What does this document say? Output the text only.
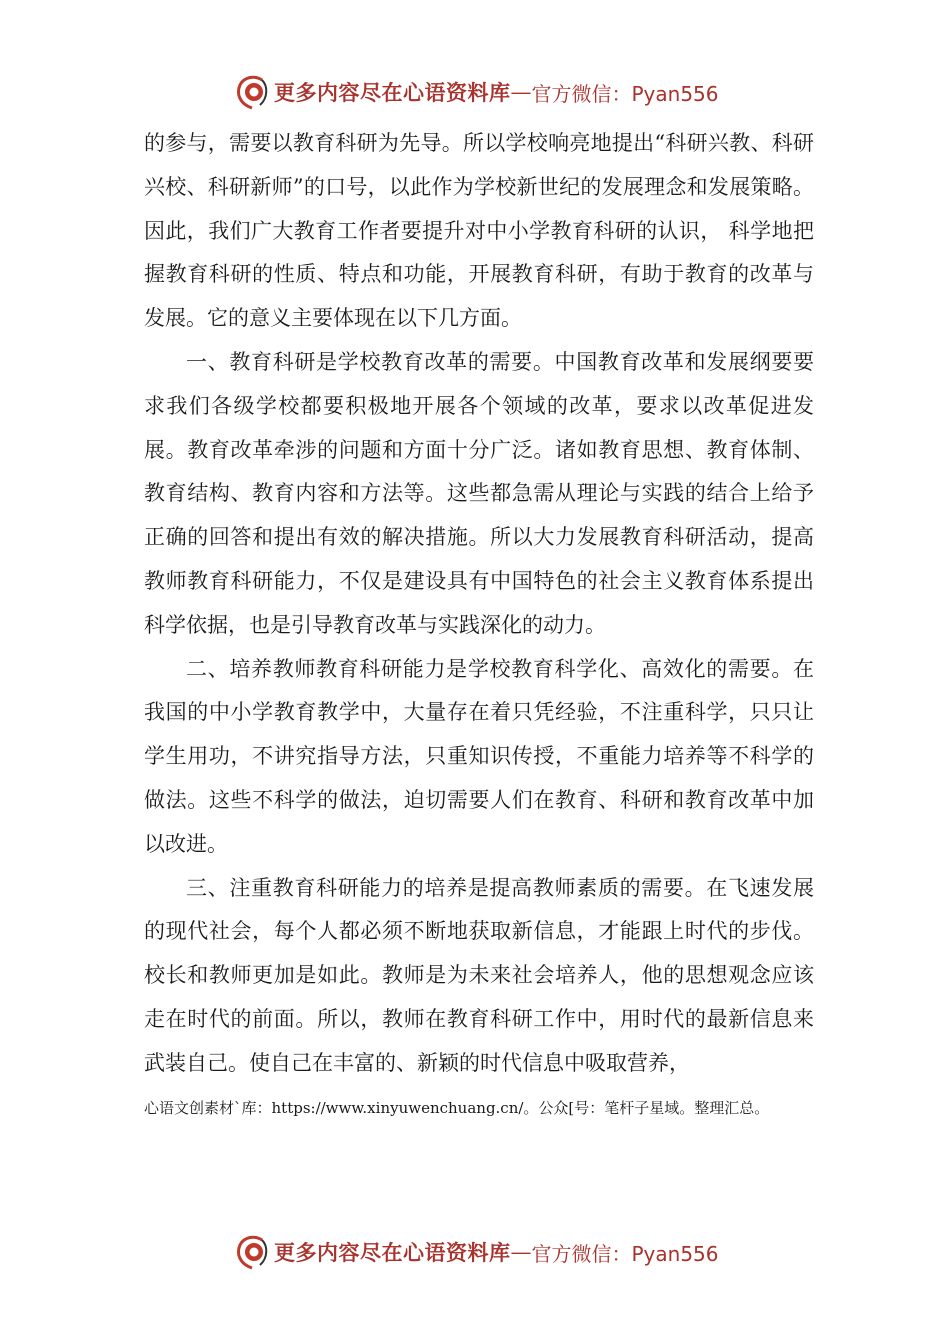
更多内容尽在心语资料库 — 官方微信：Pyan556

的参与，需要以教育科研为先导。所以学校响亮地提出“科研兴教、科研兴校、科研新师”的口号，以此作为学校新世纪的发展理念和发展策略。因此，我们广大教育工作者要提升对中小学教育科研的认识， 科学地把握教育科研的性质、特点和功能，开展教育科研，有助于教育的改革与发展。它的意义主要体现在以下几方面。

一、教育科研是学校教育改革的需要。中国教育改革和发展纲要要求我们各级学校都要积极地开展各个领域的改革，要求以改革促进发展。教育改革牵涉的问题和方面十分广泛。诸如教育思想、教育体制、教育结构、教育内容和方法等。这些都急需从理论与实践的结合上给予正确的回答和提出有效的解决措施。所以大力发展教育科研活动，提高教师教育科研能力，不仅是建设具有中国特色的社会主义教育体系提出科学依据，也是引导教育改革与实践深化的动力。

二、培养教师教育科研能力是学校教育科学化、高效化的需要。在我国的中小学教育教学中，大量存在着只凭经验，不注重科学，只只让学生用功，不讲究指导方法，只重知识传授，不重能力培养等不科学的做法。这些不科学的做法，迫切需要人们在教育、科研和教育改革中加以改进。

三、注重教育科研能力的培养是提高教师素质的需要。在飞速发展的现代社会，每个人都必须不断地获取新信息，才能跟上时代的步伐。校长和教师更加是如此。教师是为未来社会培养人，他的思想观念应该走在时代的前面。所以，教师在教育科研工作中，用时代的最新信息来武装自己。使自己在丰富的、新颖的时代信息中吸取营养，

心语文创素材`库：https://www.xinyuwenchuang.cn/。公众[号：笔杆子星域。整理汇总。
更多内容尽在心语资料库 — 官方微信：Pyan556
